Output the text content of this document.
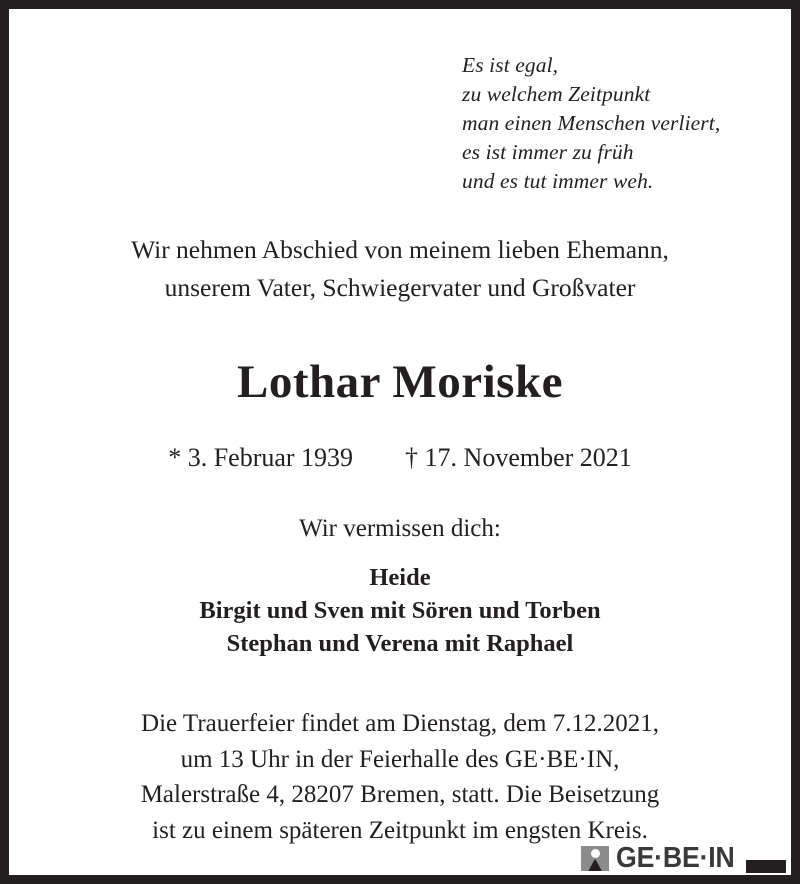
Es ist egal,
zu welchem Zeitpunkt
man einen Menschen verliert,
es ist immer zu früh
und es tut immer weh.
Wir nehmen Abschied von meinem lieben Ehemann,
unserem Vater, Schwiegervater und Großvater
Lothar Moriske
* 3. Februar 1939 † 17. November 2021
Wir vermissen dich:
Heide
Birgit und Sven mit Sören und Torben
Stephan und Verena mit Raphael
Die Trauerfeier findet am Dienstag, dem 7.12.2021,
um 13 Uhr in der Feierhalle des GE·BE·IN,
Malerstraße 4, 28207 Bremen, statt. Die Beisetzung
ist zu einem späteren Zeitpunkt im engsten Kreis.
GE·BE·IN
